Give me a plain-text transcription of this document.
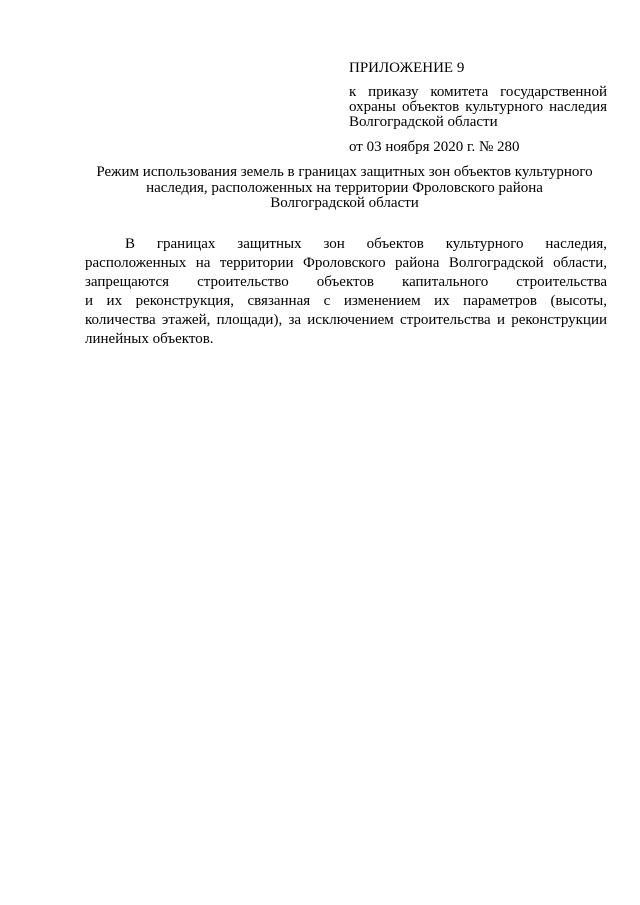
ПРИЛОЖЕНИЕ 9
к приказу комитета государственной
охраны объектов культурного наследия
Волгоградской области
от 03 ноября 2020 г. № 280
Режим использования земель в границах защитных зон объектов культурного
наследия, расположенных на территории Фроловского района
Волгоградской области
В границах защитных зон объектов культурного наследия,
расположенных на территории Фроловского района Волгоградской области,
запрещаются строительство объектов капитального строительства
и их реконструкция, связанная с изменением их параметров (высоты,
количества этажей, площади), за исключением строительства и реконструкции
линейных объектов.
